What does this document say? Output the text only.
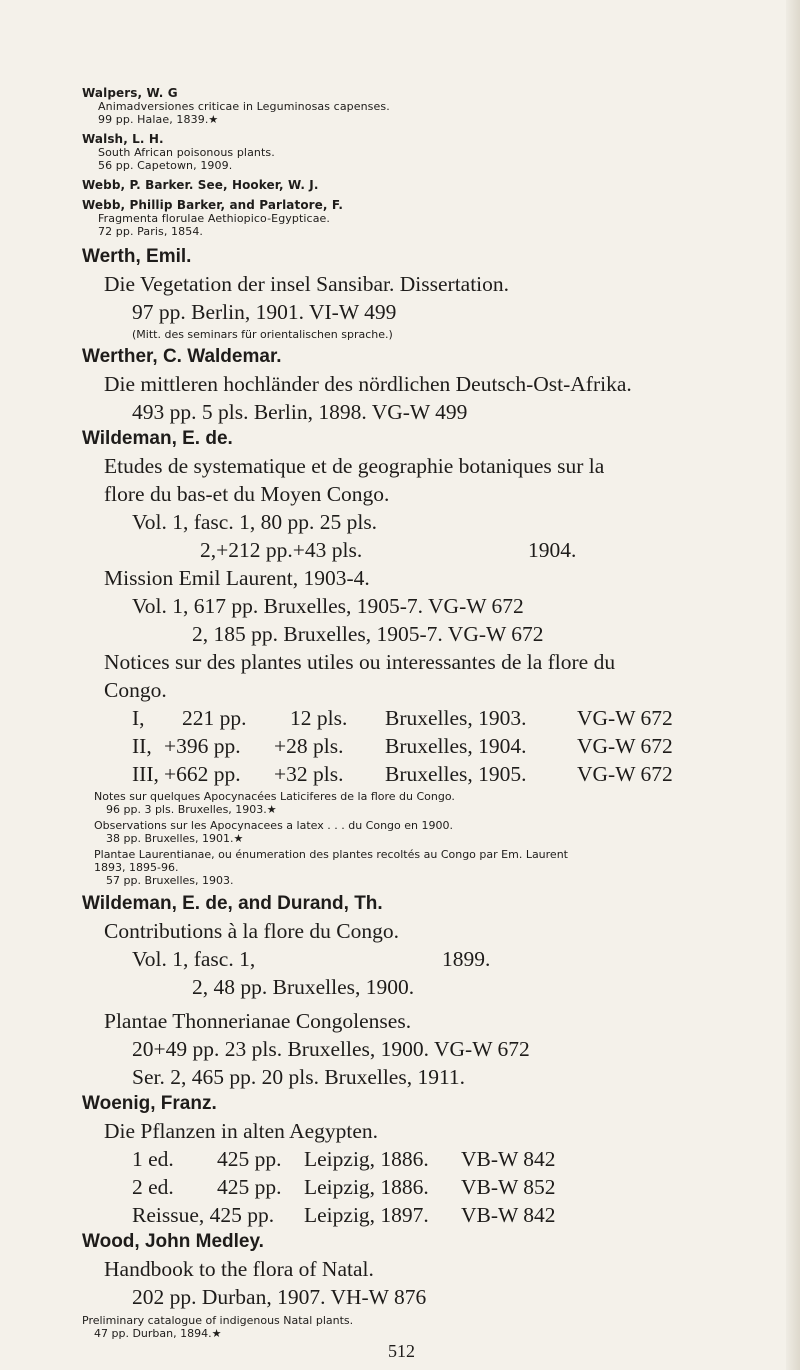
Walpers, W. G
Animadversiones criticae in Leguminosas capenses.
99 pp. Halae, 1839.★
Walsh, L. H.
South African poisonous plants.
56 pp. Capetown, 1909.
Webb, P. Barker. See, Hooker, W. J.
Webb, Phillip Barker, and Parlatore, F.
Fragmenta florulae Aethiopico-Egypticae.
72 pp. Paris, 1854.
Werth, Emil.
Die Vegetation der insel Sansibar. Dissertation.
97 pp. Berlin, 1901. VI-W 499
(Mitt. des seminars für orientalischen sprache.)
Werther, C. Waldemar.
Die mittleren hochländer des nördlichen Deutsch-Ost-Afrika.
493 pp. 5 pls. Berlin, 1898. VG-W 499
Wildeman, E. de.
Etudes de systematique et de geographie botaniques sur la
flore du bas-et du Moyen Congo.
Vol. 1, fasc. 1, 80 pp. 25 pls.
2,+212 pp.+43 pls.	1904.
Mission Emil Laurent, 1903-4.
Vol. 1, 617 pp. Bruxelles, 1905-7. VG-W 672
2, 185 pp. Bruxelles, 1905-7. VG-W 672
Notices sur des plantes utiles ou interessantes de la flore du
Congo.
I,	221 pp.	12 pls.	Bruxelles, 1903.	VG-W 672
II, +396 pp.	+28 pls.	Bruxelles, 1904.	VG-W 672
III, +662 pp.	+32 pls.	Bruxelles, 1905.	VG-W 672
Notes sur quelques Apocynacées Laticiferes de la flore du Congo.
96 pp. 3 pls. Bruxelles, 1903.★
Observations sur les Apocynacees a latex . . . du Congo en 1900.
38 pp. Bruxelles, 1901.★
Plantae Laurentianae, ou énumeration des plantes recoltés au Congo par Em. Laurent
1893, 1895-96.
57 pp. Bruxelles, 1903.
Wildeman, E. de, and Durand, Th.
Contributions à la flore du Congo.
Vol. 1, fasc. 1,	1899.
2, 48 pp. Bruxelles, 1900.
Plantae Thonnerianae Congolenses.
20+49 pp. 23 pls. Bruxelles, 1900. VG-W 672
Ser. 2, 465 pp. 20 pls. Bruxelles, 1911.
Woenig, Franz.
Die Pflanzen in alten Aegypten.
1 ed.	425 pp.	Leipzig, 1886.	VB-W 842
2 ed.	425 pp.	Leipzig, 1886.	VB-W 852
Reissue, 425 pp.	Leipzig, 1897.	VB-W 842
Wood, John Medley.
Handbook to the flora of Natal.
202 pp. Durban, 1907. VH-W 876
Preliminary catalogue of indigenous Natal plants.
47 pp. Durban, 1894.★
512
